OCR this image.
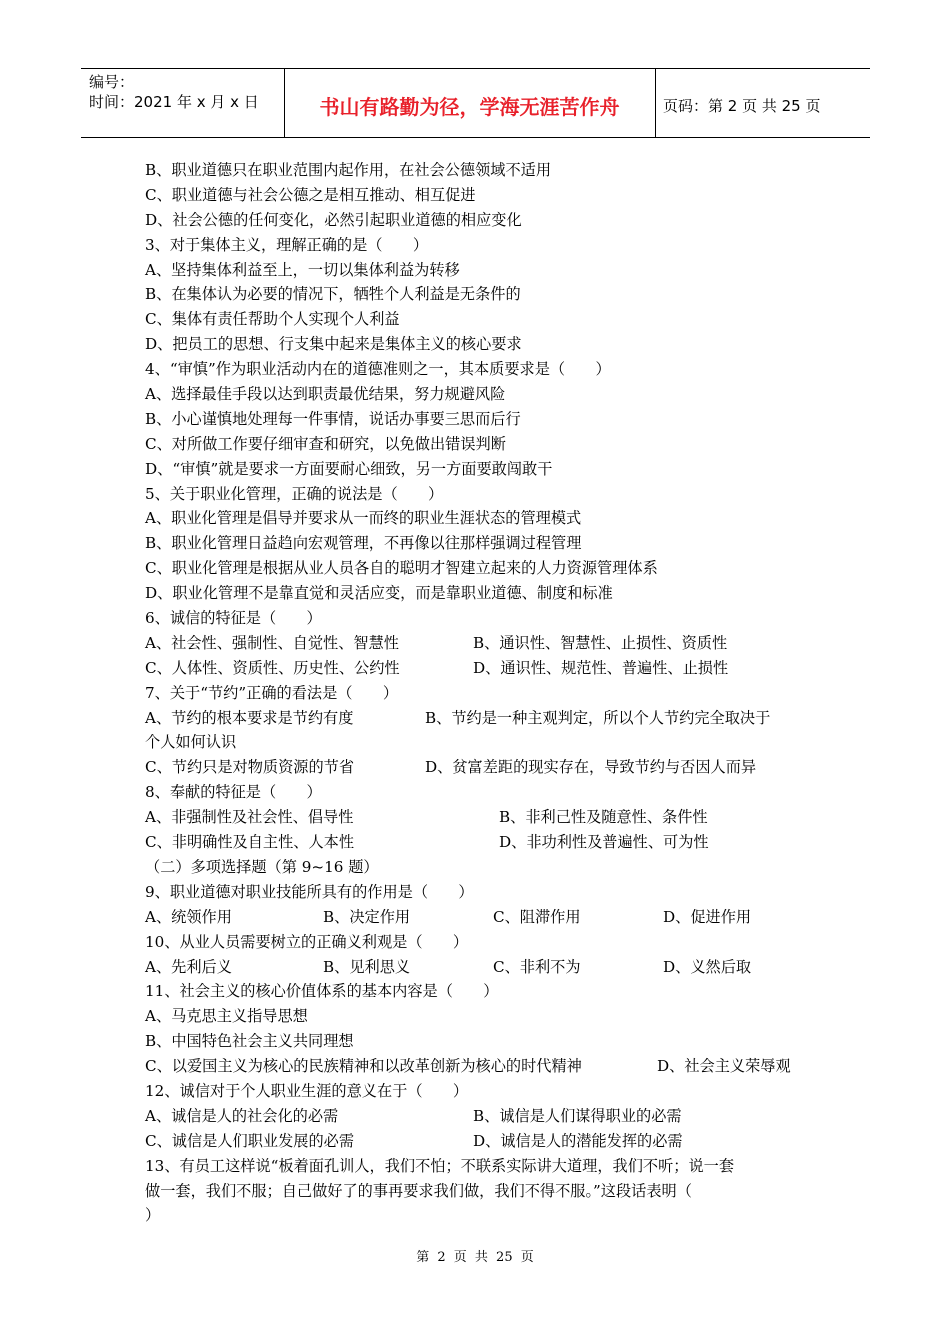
编号：
时间：2021 年 x 月 x 日	书山有路勤为径，学海无涯苦作舟	页码：第 2 页 共 25 页
B、职业道德只在职业范围内起作用，在社会公德领域不适用
C、职业道德与社会公德之是相互推动、相互促进
D、社会公德的任何变化，必然引起职业道德的相应变化
3、对于集体主义，理解正确的是（　　）
A、坚持集体利益至上，一切以集体利益为转移
B、在集体认为必要的情况下，牺牲个人利益是无条件的
C、集体有责任帮助个人实现个人利益
D、把员工的思想、行支集中起来是集体主义的核心要求
4、“审慎”作为职业活动内在的道德准则之一，其本质要求是（　　）
A、选择最佳手段以达到职责最优结果，努力规避风险
B、小心谨慎地处理每一件事情，说话办事要三思而后行
C、对所做工作要仔细审查和研究，以免做出错误判断
D、“审慎”就是要求一方面要耐心细致，另一方面要敢闯敢干
5、关于职业化管理，正确的说法是（　　）
A、职业化管理是倡导并要求从一而终的职业生涯状态的管理模式
B、职业化管理日益趋向宏观管理，不再像以往那样强调过程管理
C、职业化管理是根据从业人员各自的聪明才智建立起来的人力资源管理体系
D、职业化管理不是靠直觉和灵活应变，而是靠职业道德、制度和标准
6、诚信的特征是（　　）
A、社会性、强制性、自觉性、智慧性	B、通识性、智慧性、止损性、资质性
C、人体性、资质性、历史性、公约性	D、通识性、规范性、普遍性、止损性
7、关于“节约”正确的看法是（　　）
A、节约的根本要求是节约有度	B、节约是一种主观判定，所以个人节约完全取决于
个人如何认识
C、节约只是对物质资源的节省	D、贫富差距的现实存在，导致节约与否因人而异
8、奉献的特征是（　　）
A、非强制性及社会性、倡导性	B、非利己性及随意性、条件性
C、非明确性及自主性、人本性	D、非功利性及普遍性、可为性
（二）多项选择题（第 9~16 题）
9、职业道德对职业技能所具有的作用是（　　）
A、统领作用	B、决定作用	C、阻滞作用	D、促进作用
10、从业人员需要树立的正确义利观是（　　）
A、先利后义	B、见利思义	C、非利不为	D、义然后取
11、社会主义的核心价值体系的基本内容是（　　）
A、马克思主义指导思想
B、中国特色社会主义共同理想
C、以爱国主义为核心的民族精神和以改革创新为核心的时代精神	D、社会主义荣辱观
12、诚信对于个人职业生涯的意义在于（　　）
A、诚信是人的社会化的必需	B、诚信是人们谋得职业的必需
C、诚信是人们职业发展的必需	D、诚信是人的潜能发挥的必需
13、有员工这样说“板着面孔训人，我们不怕；不联系实际讲大道理，我们不听；说一套
做一套，我们不服；自己做好了的事再要求我们做，我们不得不服。”这段话表明（
）
第 2 页 共 25 页
